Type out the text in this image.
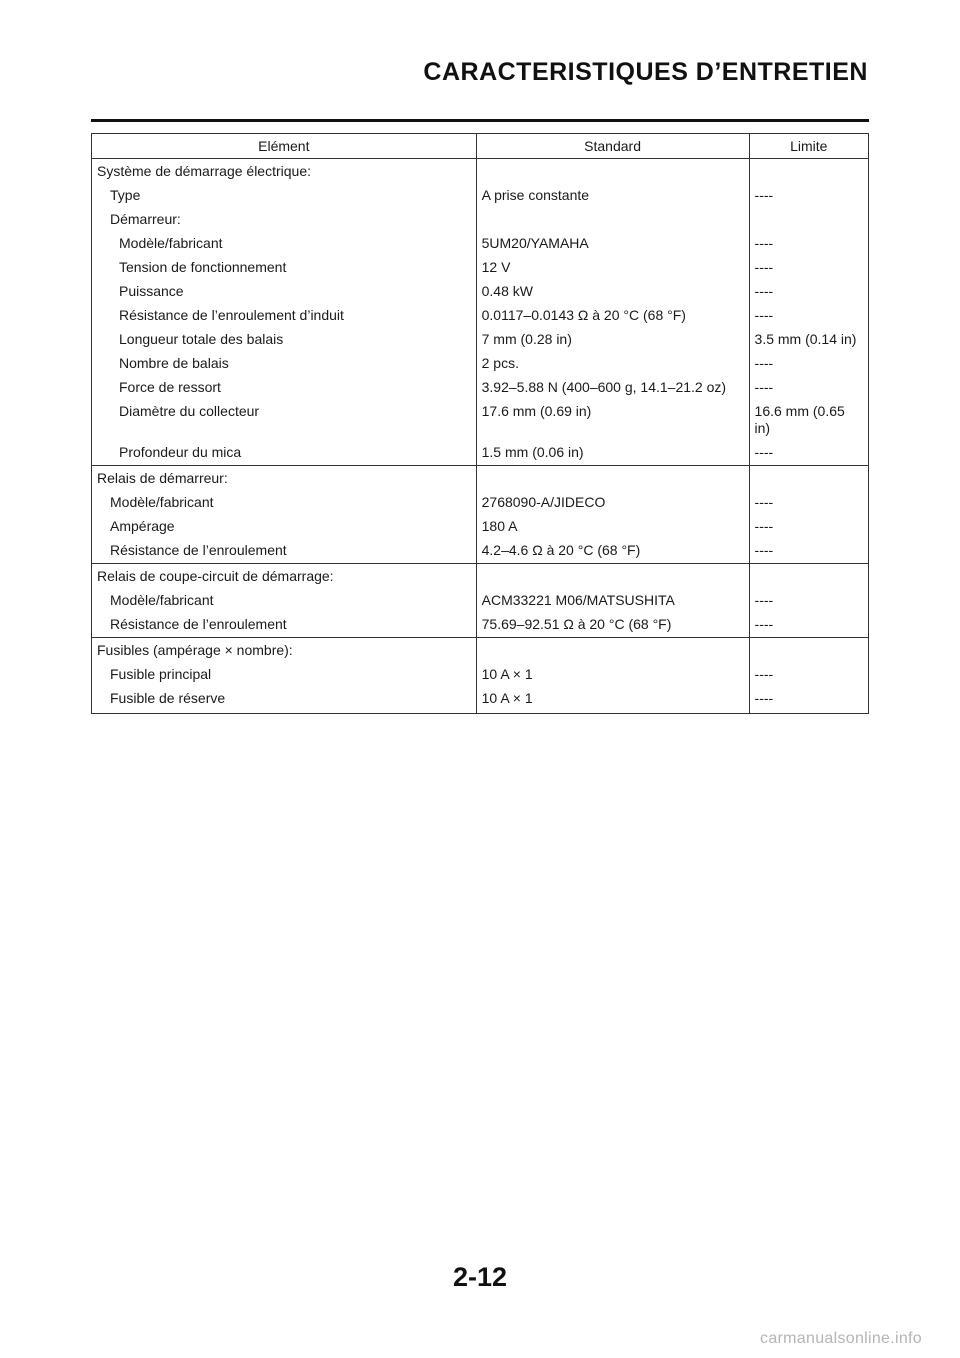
CARACTERISTIQUES D’ENTRETIEN
Elément	Standard	Limite
Système de démarrage électrique:		
Type	A prise constante	----
Démarreur:		
Modèle/fabricant	5UM20/YAMAHA	----
Tension de fonctionnement	12 V	----
Puissance	0.48 kW	----
Résistance de l’enroulement d’induit	0.0117–0.0143 Ω à 20 °C (68 °F)	----
Longueur totale des balais	7 mm (0.28 in)	3.5 mm (0.14 in)
Nombre de balais	2 pcs.	----
Force de ressort	3.92–5.88 N (400–600 g, 14.1–21.2 oz)	----
Diamètre du collecteur	17.6 mm (0.69 in)	16.6 mm (0.65 in)
Profondeur du mica	1.5 mm (0.06 in)	----
Relais de démarreur:		
Modèle/fabricant	2768090-A/JIDECO	----
Ampérage	180 A	----
Résistance de l’enroulement	4.2–4.6 Ω à 20 °C (68 °F)	----
Relais de coupe-circuit de démarrage:		
Modèle/fabricant	ACM33221 M06/MATSUSHITA	----
Résistance de l’enroulement	75.69–92.51 Ω à 20 °C (68 °F)	----
Fusibles (ampérage × nombre):		
Fusible principal	10 A × 1	----
Fusible de réserve	10 A × 1	----
2-12
carmanualsonline.info
